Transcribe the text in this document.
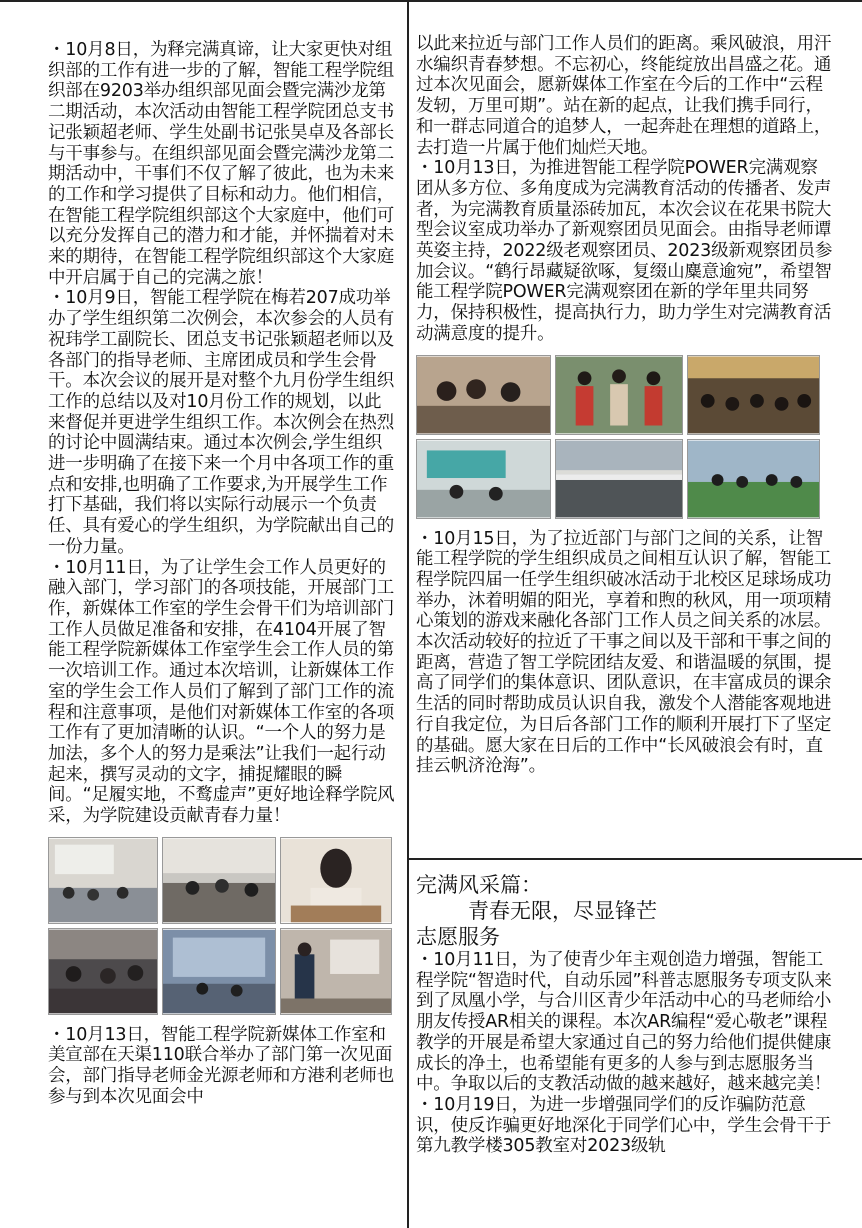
・10月8日，为释完满真谛，让大家更快对组织部的工作有进一步的了解，智能工程学院组织部在9203举办组织部见面会暨完满沙龙第二期活动，本次活动由智能工程学院团总支书记张颖超老师、学生处副书记张昊卓及各部长与干事参与。在组织部见面会暨完满沙龙第二期活动中，干事们不仅了解了彼此，也为未来的工作和学习提供了目标和动力。他们相信，在智能工程学院组织部这个大家庭中，他们可以充分发挥自己的潜力和才能，并怀揣着对未来的期待，在智能工程学院组织部这个大家庭中开启属于自己的完满之旅！

・10月9日，智能工程学院在梅若207成功举办了学生组织第二次例会，本次参会的人员有祝玮学工副院长、团总支书记张颖超老师以及各部门的指导老师、主席团成员和学生会骨干。本次会议的展开是对整个九月份学生组织工作的总结以及对10月份工作的规划，以此来督促并更进学生组织工作。本次例会在热烈的讨论中圆满结束。通过本次例会,学生组织进一步明确了在接下来一个月中各项工作的重点和安排,也明确了工作要求,为开展学生工作打下基础，我们将以实际行动展示一个负责任、具有爱心的学生组织，为学院献出自己的一份力量。

・10月11日，为了让学生会工作人员更好的融入部门，学习部门的各项技能，开展部门工作，新媒体工作室的学生会骨干们为培训部门工作人员做足准备和安排，在4104开展了智能工程学院新媒体工作室学生会工作人员的第一次培训工作。通过本次培训，让新媒体工作室的学生会工作人员们了解到了部门工作的流程和注意事项，是他们对新媒体工作室的各项工作有了更加清晰的认识。“一个人的努力是加法，多个人的努力是乘法”让我们一起行动起来，撰写灵动的文字，捕捉耀眼的瞬间。“足履实地，不鹜虚声”更好地诠释学院风采，为学院建设贡献青春力量！

・10月13日，智能工程学院新媒体工作室和美宣部在天渠110联合举办了部门第一次见面会，部门指导老师金光源老师和方港利老师也参与到本次见面会中

以此来拉近与部门工作人员们的距离。乘风破浪，用汗水编织青春梦想。不忘初心，终能绽放出昌盛之花。通过本次见面会，愿新媒体工作室在今后的工作中“云程发轫，万里可期”。站在新的起点，让我们携手同行，和一群志同道合的追梦人，一起奔赴在理想的道路上，去打造一片属于他们灿烂天地。

・10月13日，为推进智能工程学院POWER完满观察团从多方位、多角度成为完满教育活动的传播者、发声者，为完满教育质量添砖加瓦，本次会议在花果书院大型会议室成功举办了新观察团员见面会。由指导老师谭英姿主持，2022级老观察团员、2023级新观察团员参加会议。“鹤行昂藏疑欲啄，复缀山麋意逾宛”，希望智能工程学院POWER完满观察团在新的学年里共同努力，保持积极性，提高执行力，助力学生对完满教育活动满意度的提升。

・10月15日，为了拉近部门与部门之间的关系，让智能工程学院的学生组织成员之间相互认识了解，智能工程学院四届一任学生组织破冰活动于北校区足球场成功举办，沐着明媚的阳光，享着和煦的秋风，用一项项精心策划的游戏来融化各部门工作人员之间关系的冰层。本次活动较好的拉近了干事之间以及干部和干事之间的距离，营造了智工学院团结友爱、和谐温暖的氛围，提高了同学们的集体意识、团队意识，在丰富成员的课余生活的同时帮助成员认识自我，激发个人潜能客观地进行自我定位，为日后各部门工作的顺利开展打下了坚定的基础。愿大家在日后的工作中“长风破浪会有时，直挂云帆济沧海”。

完满风采篇：

青春无限，尽显锋芒

志愿服务

・10月11日，为了使青少年主观创造力增强，智能工程学院“智造时代，自动乐园”科普志愿服务专项支队来到了凤凰小学，与合川区青少年活动中心的马老师给小朋友传授AR相关的课程。本次AR编程“爱心敬老”课程教学的开展是希望大家通过自己的努力给他们提供健康成长的净土，也希望能有更多的人参与到志愿服务当中。争取以后的支教活动做的越来越好，越来越完美！

・10月19日，为进一步增强同学们的反诈骗防范意识，使反诈骗更好地深化于同学们心中，学生会骨干于第九教学楼305教室对2023级轨
